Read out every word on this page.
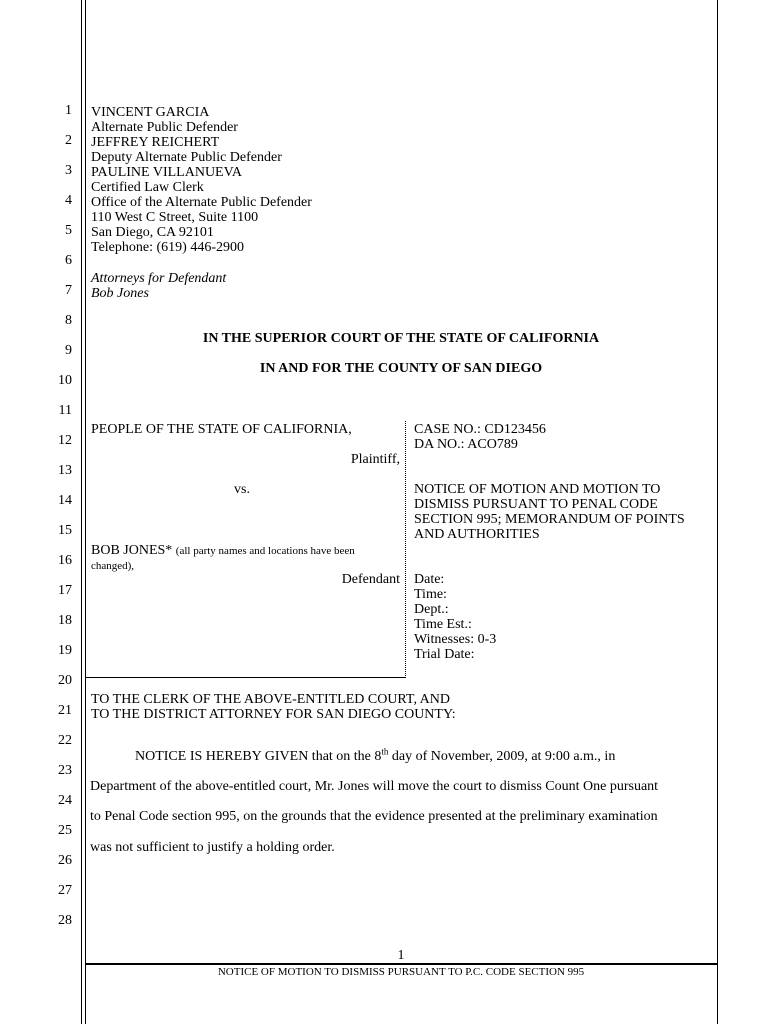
1
2
3
4
5
6
7
8
9
10
11
12
13
14
15
16
17
18
19
20
21
22
23
24
25
26
27
28
VINCENT GARCIA
Alternate Public Defender
JEFFREY REICHERT
Deputy Alternate Public Defender
PAULINE VILLANUEVA
Certified Law Clerk
Office of the Alternate Public Defender
110 West C Street, Suite 1100
San Diego, CA 92101
Telephone: (619) 446-2900
Attorneys for Defendant
Bob Jones
IN THE SUPERIOR COURT OF THE STATE OF CALIFORNIA
IN AND FOR THE COUNTY OF SAN DIEGO
PEOPLE OF THE STATE OF CALIFORNIA,
Plaintiff,
vs.
BOB JONES* (all party names and locations have been
changed),
Defendant
CASE NO.: CD123456
DA NO.: ACO789
NOTICE OF MOTION AND MOTION TO
DISMISS PURSUANT TO PENAL CODE
SECTION 995; MEMORANDUM OF POINTS
AND AUTHORITIES
Date:
Time:
Dept.:
Time Est.:
Witnesses: 0-3
Trial Date:
TO THE CLERK OF THE ABOVE-ENTITLED COURT, AND
TO THE DISTRICT ATTORNEY FOR SAN DIEGO COUNTY:
NOTICE IS HEREBY GIVEN that on the 8th day of November, 2009, at 9:00 a.m., in
Department of the above-entitled court, Mr. Jones will move the court to dismiss Count One pursuant
to Penal Code section 995, on the grounds that the evidence presented at the preliminary examination
was not sufficient to justify a holding order.
1
NOTICE OF MOTION TO DISMISS PURSUANT TO P.C. CODE SECTION 995
